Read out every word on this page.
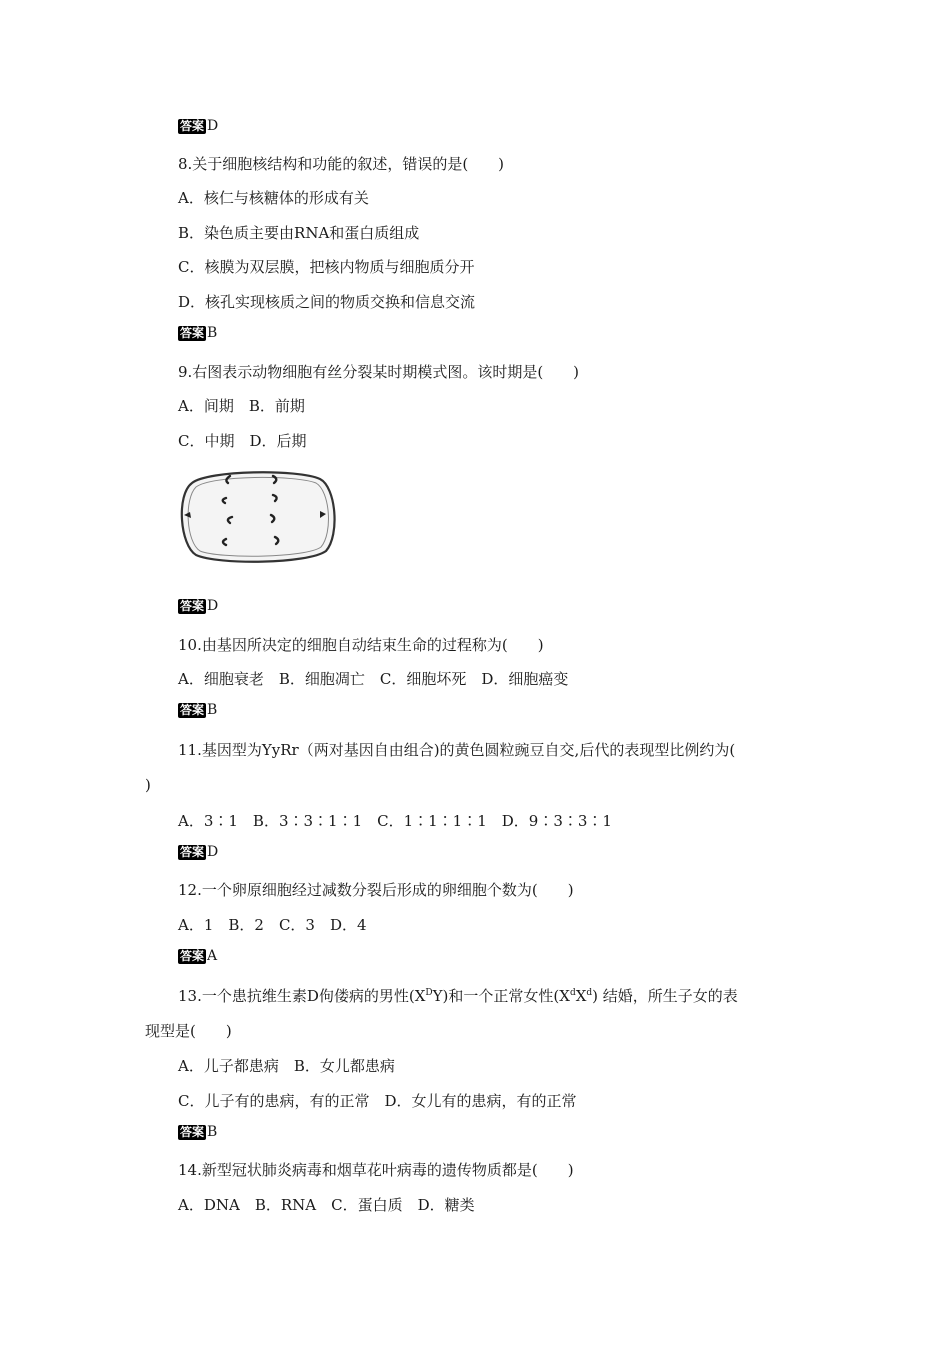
答案 D
8.关于细胞核结构和功能的叙述，错误的是(　　)
A．核仁与核糖体的形成有关
B．染色质主要由RNA和蛋白质组成
C．核膜为双层膜，把核内物质与细胞质分开
D．核孔实现核质之间的物质交换和信息交流
答案 B
9.右图表示动物细胞有丝分裂某时期模式图。该时期是(　　)
A．间期　B．前期
C．中期　D．后期
答案 D
10.由基因所决定的细胞自动结束生命的过程称为(　　)
A．细胞衰老　B．细胞凋亡　C．细胞坏死　D．细胞癌变
答案 B
11.基因型为YyRr（两对基因自由组合)的黄色圆粒豌豆自交,后代的表现型比例约为(
)
A．3∶1　B．3∶3∶1∶1　C．1∶1∶1∶1　D．9∶3∶3∶1
答案 D
12.一个卵原细胞经过减数分裂后形成的卵细胞个数为(　　)
A．1　B．2　C．3　D．4
答案 A
13.一个患抗维生素D佝偻病的男性$(X^DY)$和一个正常女性$(X^dX^d)$ 结婚，所生子女的表
现型是(　　)
A．儿子都患病　B．女儿都患病
C．儿子有的患病，有的正常　D．女儿有的患病，有的正常
答案 B
14.新型冠状肺炎病毒和烟草花叶病毒的遗传物质都是(　　)
A．DNA　B．RNA　C．蛋白质　D．糖类
